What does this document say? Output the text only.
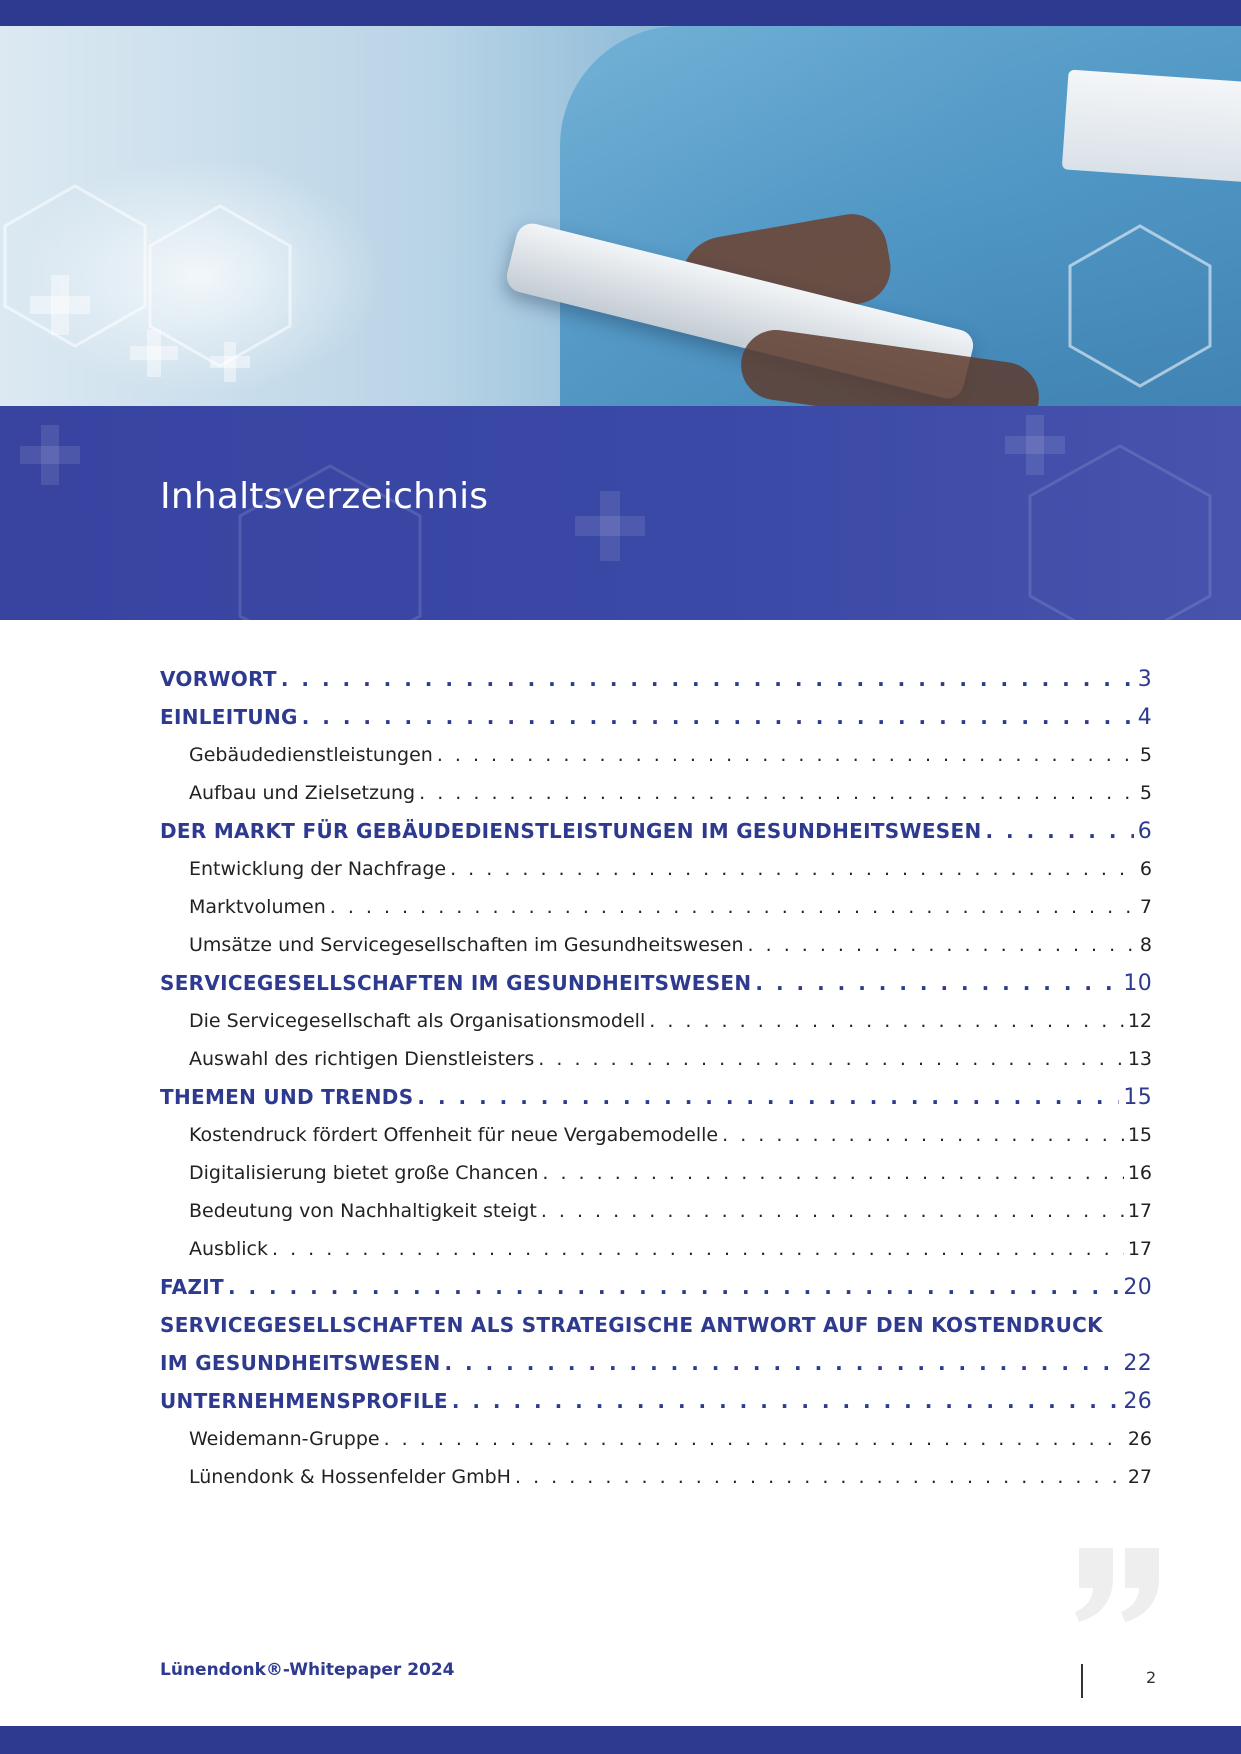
Inhaltsverzeichnis
VORWORT . . .	3
EINLEITUNG . . .	4
Gebäudedienstleistungen . . .	5
Aufbau und Zielsetzung . . .	5
DER MARKT FÜR GEBÄUDEDIENSTLEISTUNGEN IM GESUNDHEITSWESEN . . .	6
Entwicklung der Nachfrage . . .	6
Marktvolumen . . .	7
Umsätze und Servicegesellschaften im Gesundheitswesen . . .	8
SERVICEGESELLSCHAFTEN IM GESUNDHEITSWESEN . . .	10
Die Servicegesellschaft als Organisationsmodell . . .	12
Auswahl des richtigen Dienstleisters . . .	13
THEMEN UND TRENDS . . .	15
Kostendruck fördert Offenheit für neue Vergabemodelle . . .	15
Digitalisierung bietet große Chancen . . .	16
Bedeutung von Nachhaltigkeit steigt . . .	17
Ausblick . . .	17
FAZIT . . .	20
SERVICEGESELLSCHAFTEN ALS STRATEGISCHE ANTWORT AUF DEN KOSTENDRUCK
IM GESUNDHEITSWESEN . . .	22
UNTERNEHMENSPROFILE . . .	26
Weidemann-Gruppe . . .	26
Lünendonk & Hossenfelder GmbH . . .	27
Lünendonk®-Whitepaper 2024	2
